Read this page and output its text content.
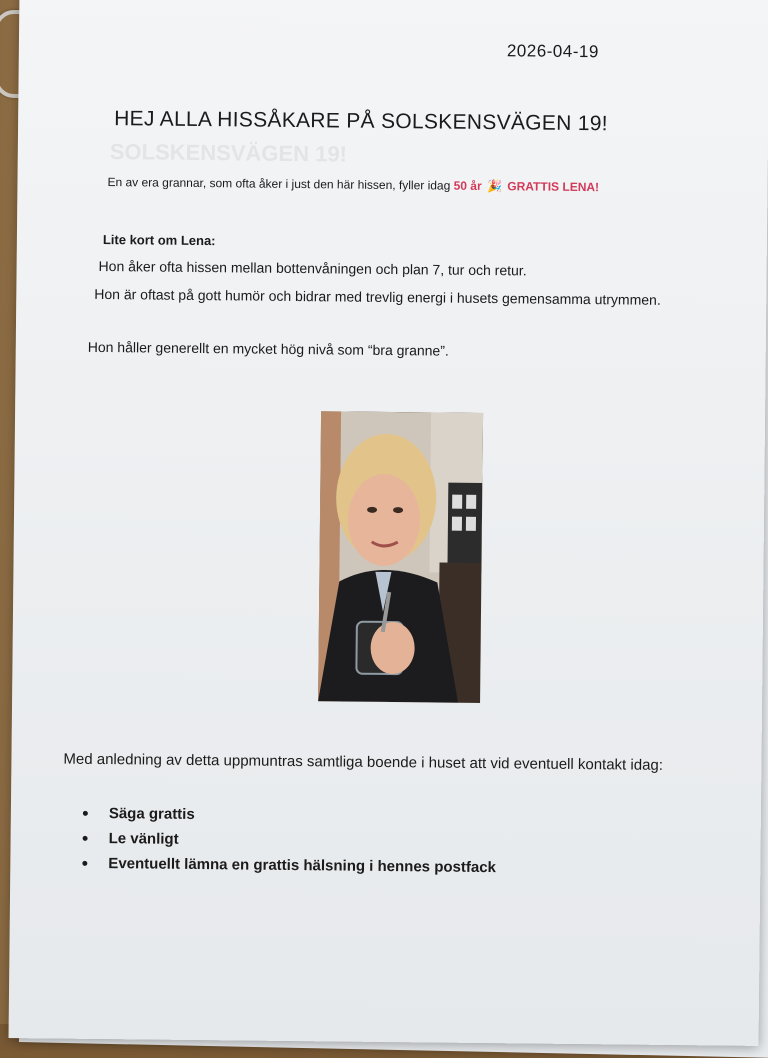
SOLSKENSVÄGEN 19!
2026-04-19
HEJ ALLA HISSÅKARE PÅ SOLSKENSVÄGEN 19!
En av era grannar, som ofta åker i just den här hissen, fyller idag 50 år 🎉 GRATTIS LENA!
Lite kort om Lena:
Hon åker ofta hissen mellan bottenvåningen och plan 7, tur och retur.
Hon är oftast på gott humör och bidrar med trevlig energi i husets gemensamma utrymmen.
Hon håller generellt en mycket hög nivå som “bra granne”.
Med anledning av detta uppmuntras samtliga boende i huset att vid eventuell kontakt idag:
Säga grattis
Le vänligt
Eventuellt lämna en grattis hälsning i hennes postfack
